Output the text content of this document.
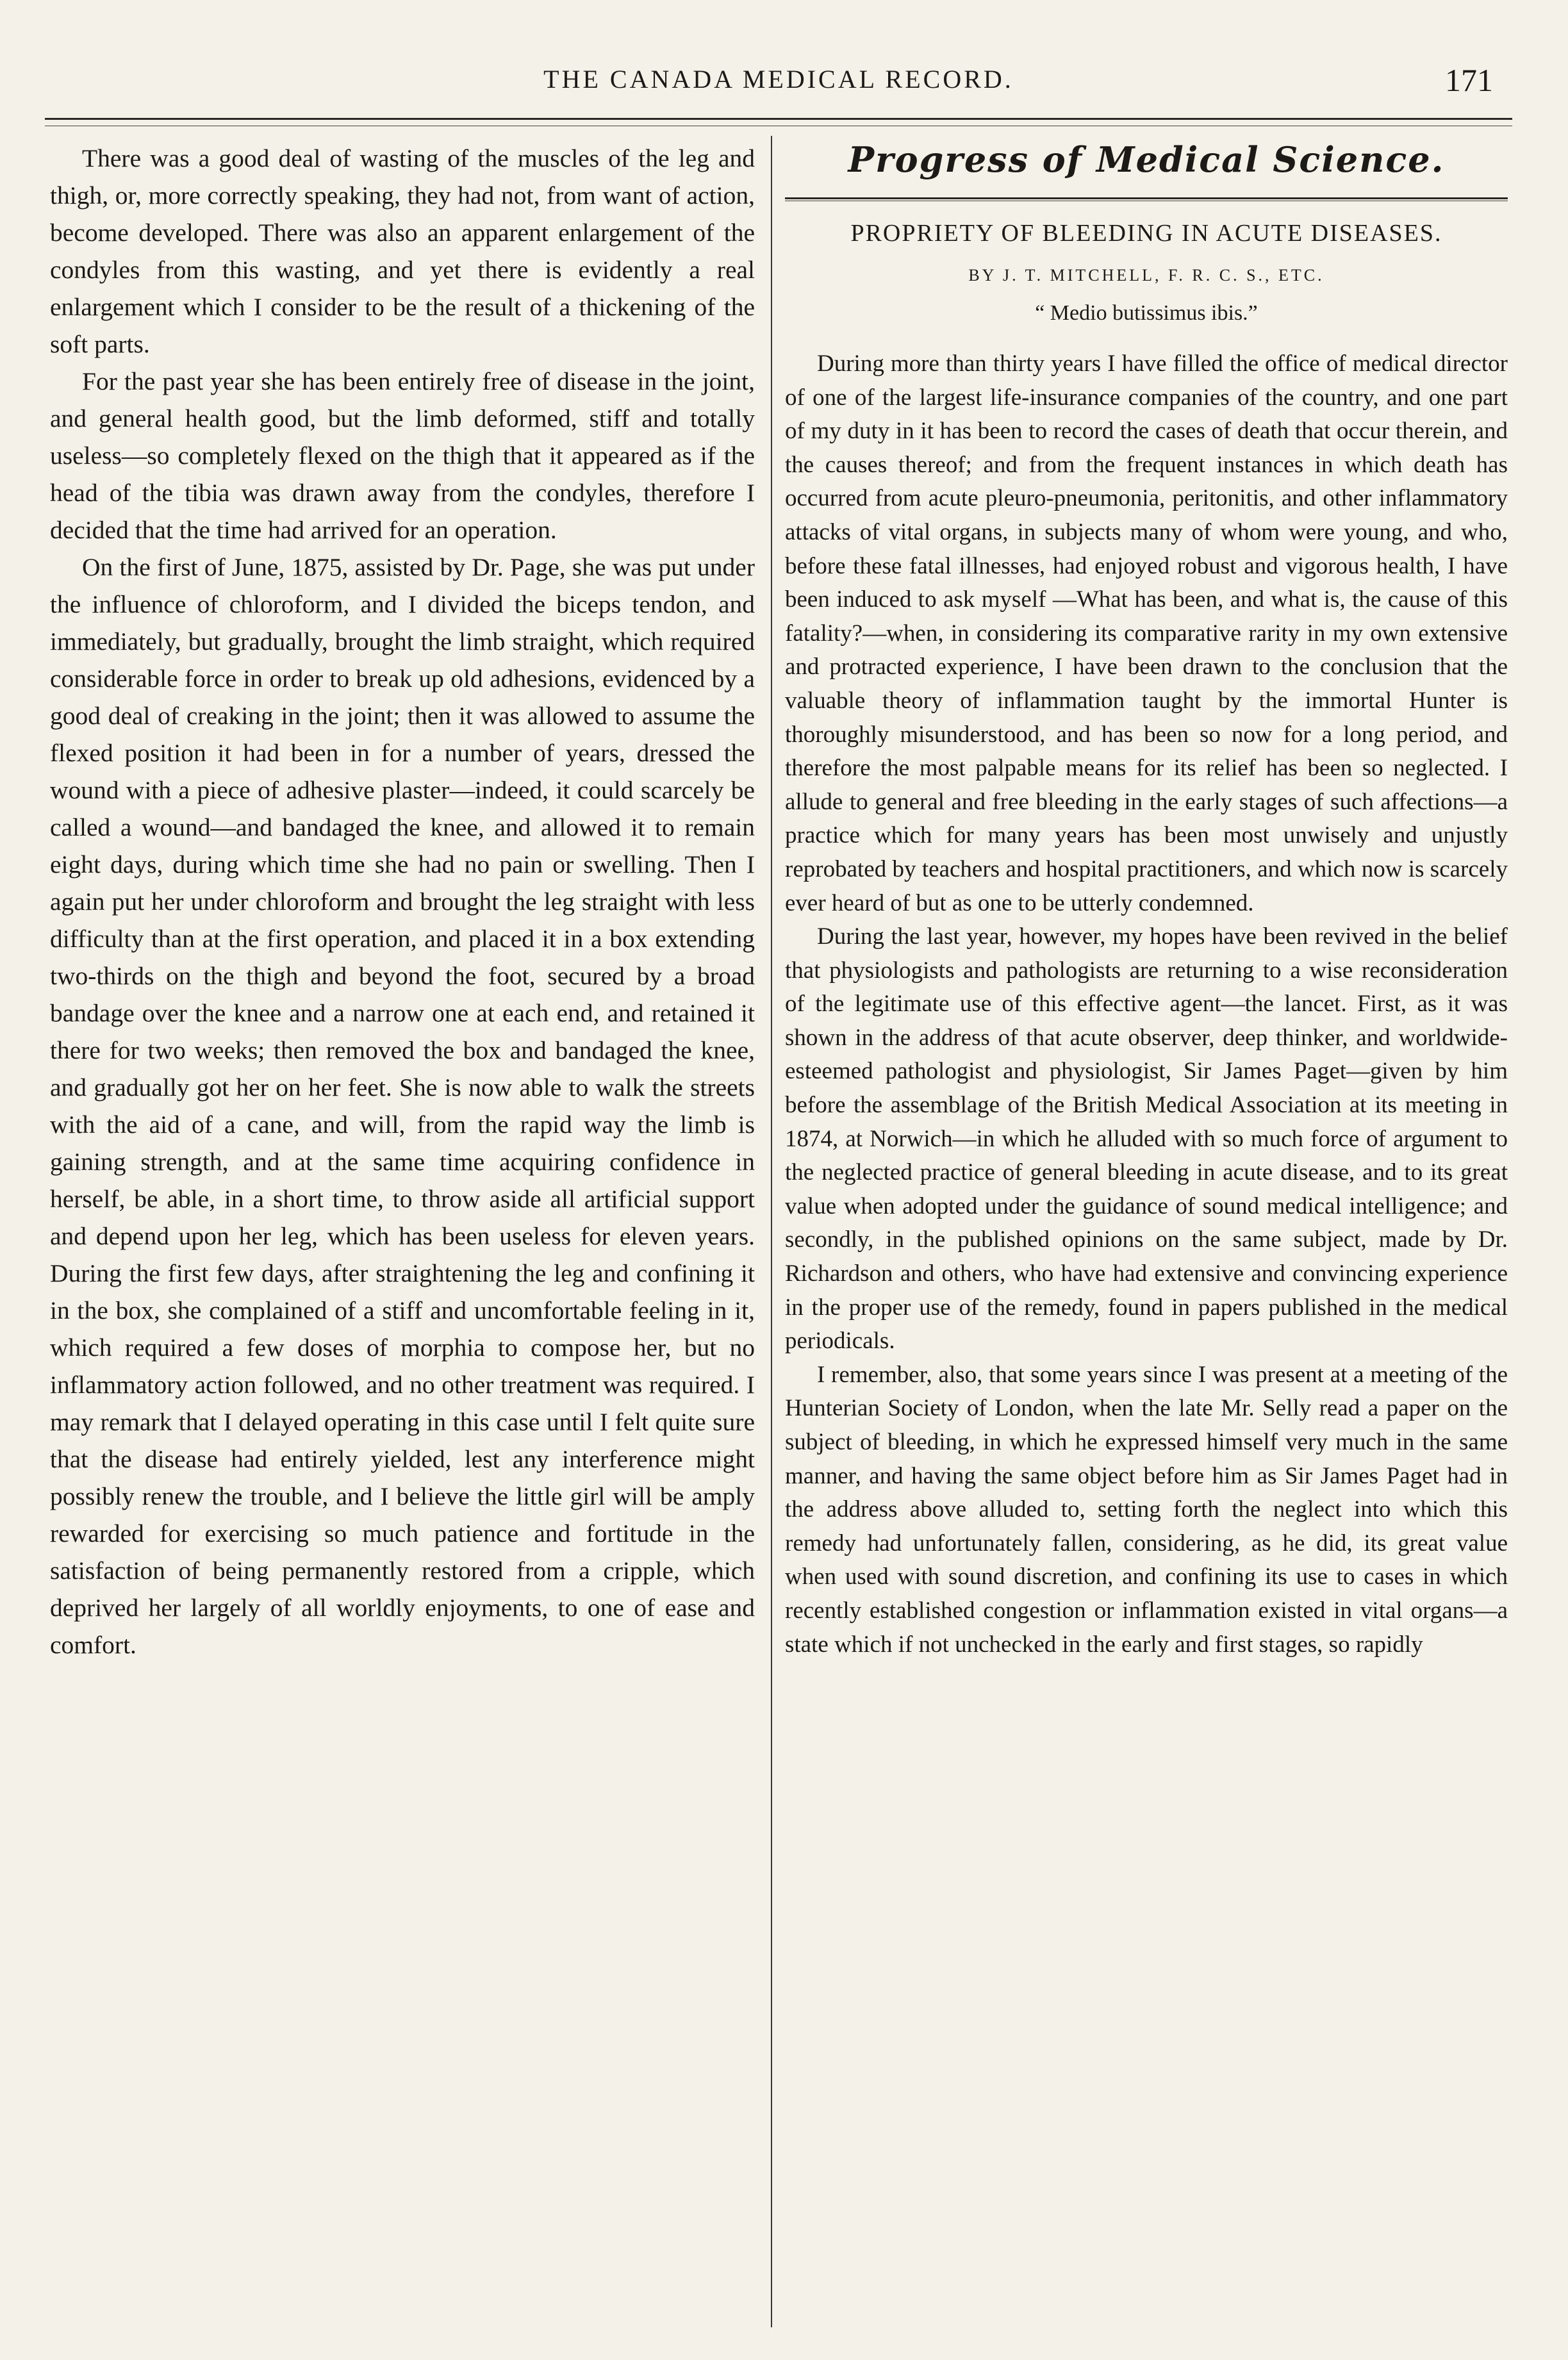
THE CANADA MEDICAL RECORD.	171

There was a good deal of wasting of the muscles of the leg and thigh, or, more correctly speaking, they had not, from want of action, become developed. There was also an apparent enlargement of the condyles from this wasting, and yet there is evidently a real enlargement which I consider to be the result of a thickening of the soft parts.

For the past year she has been entirely free of disease in the joint, and general health good, but the limb deformed, stiff and totally useless—so completely flexed on the thigh that it appeared as if the head of the tibia was drawn away from the condyles, therefore I decided that the time had arrived for an operation.

On the first of June, 1875, assisted by Dr. Page, she was put under the influence of chloroform, and I divided the biceps tendon, and immediately, but gradually, brought the limb straight, which required considerable force in order to break up old adhesions, evidenced by a good deal of creaking in the joint; then it was allowed to assume the flexed position it had been in for a number of years, dressed the wound with a piece of adhesive plaster—indeed, it could scarcely be called a wound—and bandaged the knee, and allowed it to remain eight days, during which time she had no pain or swelling. Then I again put her under chloroform and brought the leg straight with less difficulty than at the first operation, and placed it in a box extending two-thirds on the thigh and beyond the foot, secured by a broad bandage over the knee and a narrow one at each end, and retained it there for two weeks; then removed the box and bandaged the knee, and gradually got her on her feet. She is now able to walk the streets with the aid of a cane, and will, from the rapid way the limb is gaining strength, and at the same time acquiring confidence in herself, be able, in a short time, to throw aside all artificial support and depend upon her leg, which has been useless for eleven years. During the first few days, after straightening the leg and confining it in the box, she complained of a stiff and uncomfortable feeling in it, which required a few doses of morphia to compose her, but no inflammatory action followed, and no other treatment was required. I may remark that I delayed operating in this case until I felt quite sure that the disease had entirely yielded, lest any interference might possibly renew the trouble, and I believe the little girl will be amply rewarded for exercising so much patience and fortitude in the satisfaction of being permanently restored from a cripple, which deprived her largely of all worldly enjoyments, to one of ease and comfort.

Progress of Medical Science.
PROPRIETY OF BLEEDING IN ACUTE DISEASES.
BY J. T. MITCHELL, F. R. C. S., ETC.
“ Medio butissimus ibis.”

During more than thirty years I have filled the office of medical director of one of the largest life-insurance companies of the country, and one part of my duty in it has been to record the cases of death that occur therein, and the causes thereof; and from the frequent instances in which death has occurred from acute pleuro-pneumonia, peritonitis, and other inflammatory attacks of vital organs, in subjects many of whom were young, and who, before these fatal illnesses, had enjoyed robust and vigorous health, I have been induced to ask myself —What has been, and what is, the cause of this fatality?—when, in considering its comparative rarity in my own extensive and protracted experience, I have been drawn to the conclusion that the valuable theory of inflammation taught by the immortal Hunter is thoroughly misunderstood, and has been so now for a long period, and therefore the most palpable means for its relief has been so neglected. I allude to general and free bleeding in the early stages of such affections—a practice which for many years has been most unwisely and unjustly reprobated by teachers and hospital practitioners, and which now is scarcely ever heard of but as one to be utterly condemned.

During the last year, however, my hopes have been revived in the belief that physiologists and pathologists are returning to a wise reconsideration of the legitimate use of this effective agent—the lancet. First, as it was shown in the address of that acute observer, deep thinker, and worldwide-esteemed pathologist and physiologist, Sir James Paget—given by him before the assemblage of the British Medical Association at its meeting in 1874, at Norwich—in which he alluded with so much force of argument to the neglected practice of general bleeding in acute disease, and to its great value when adopted under the guidance of sound medical intelligence; and secondly, in the published opinions on the same subject, made by Dr. Richardson and others, who have had extensive and convincing experience in the proper use of the remedy, found in papers published in the medical periodicals.

I remember, also, that some years since I was present at a meeting of the Hunterian Society of London, when the late Mr. Selly read a paper on the subject of bleeding, in which he expressed himself very much in the same manner, and having the same object before him as Sir James Paget had in the address above alluded to, setting forth the neglect into which this remedy had unfortunately fallen, considering, as he did, its great value when used with sound discretion, and confining its use to cases in which recently established congestion or inflammation existed in vital organs—a state which if not unchecked in the early and first stages, so rapidly
